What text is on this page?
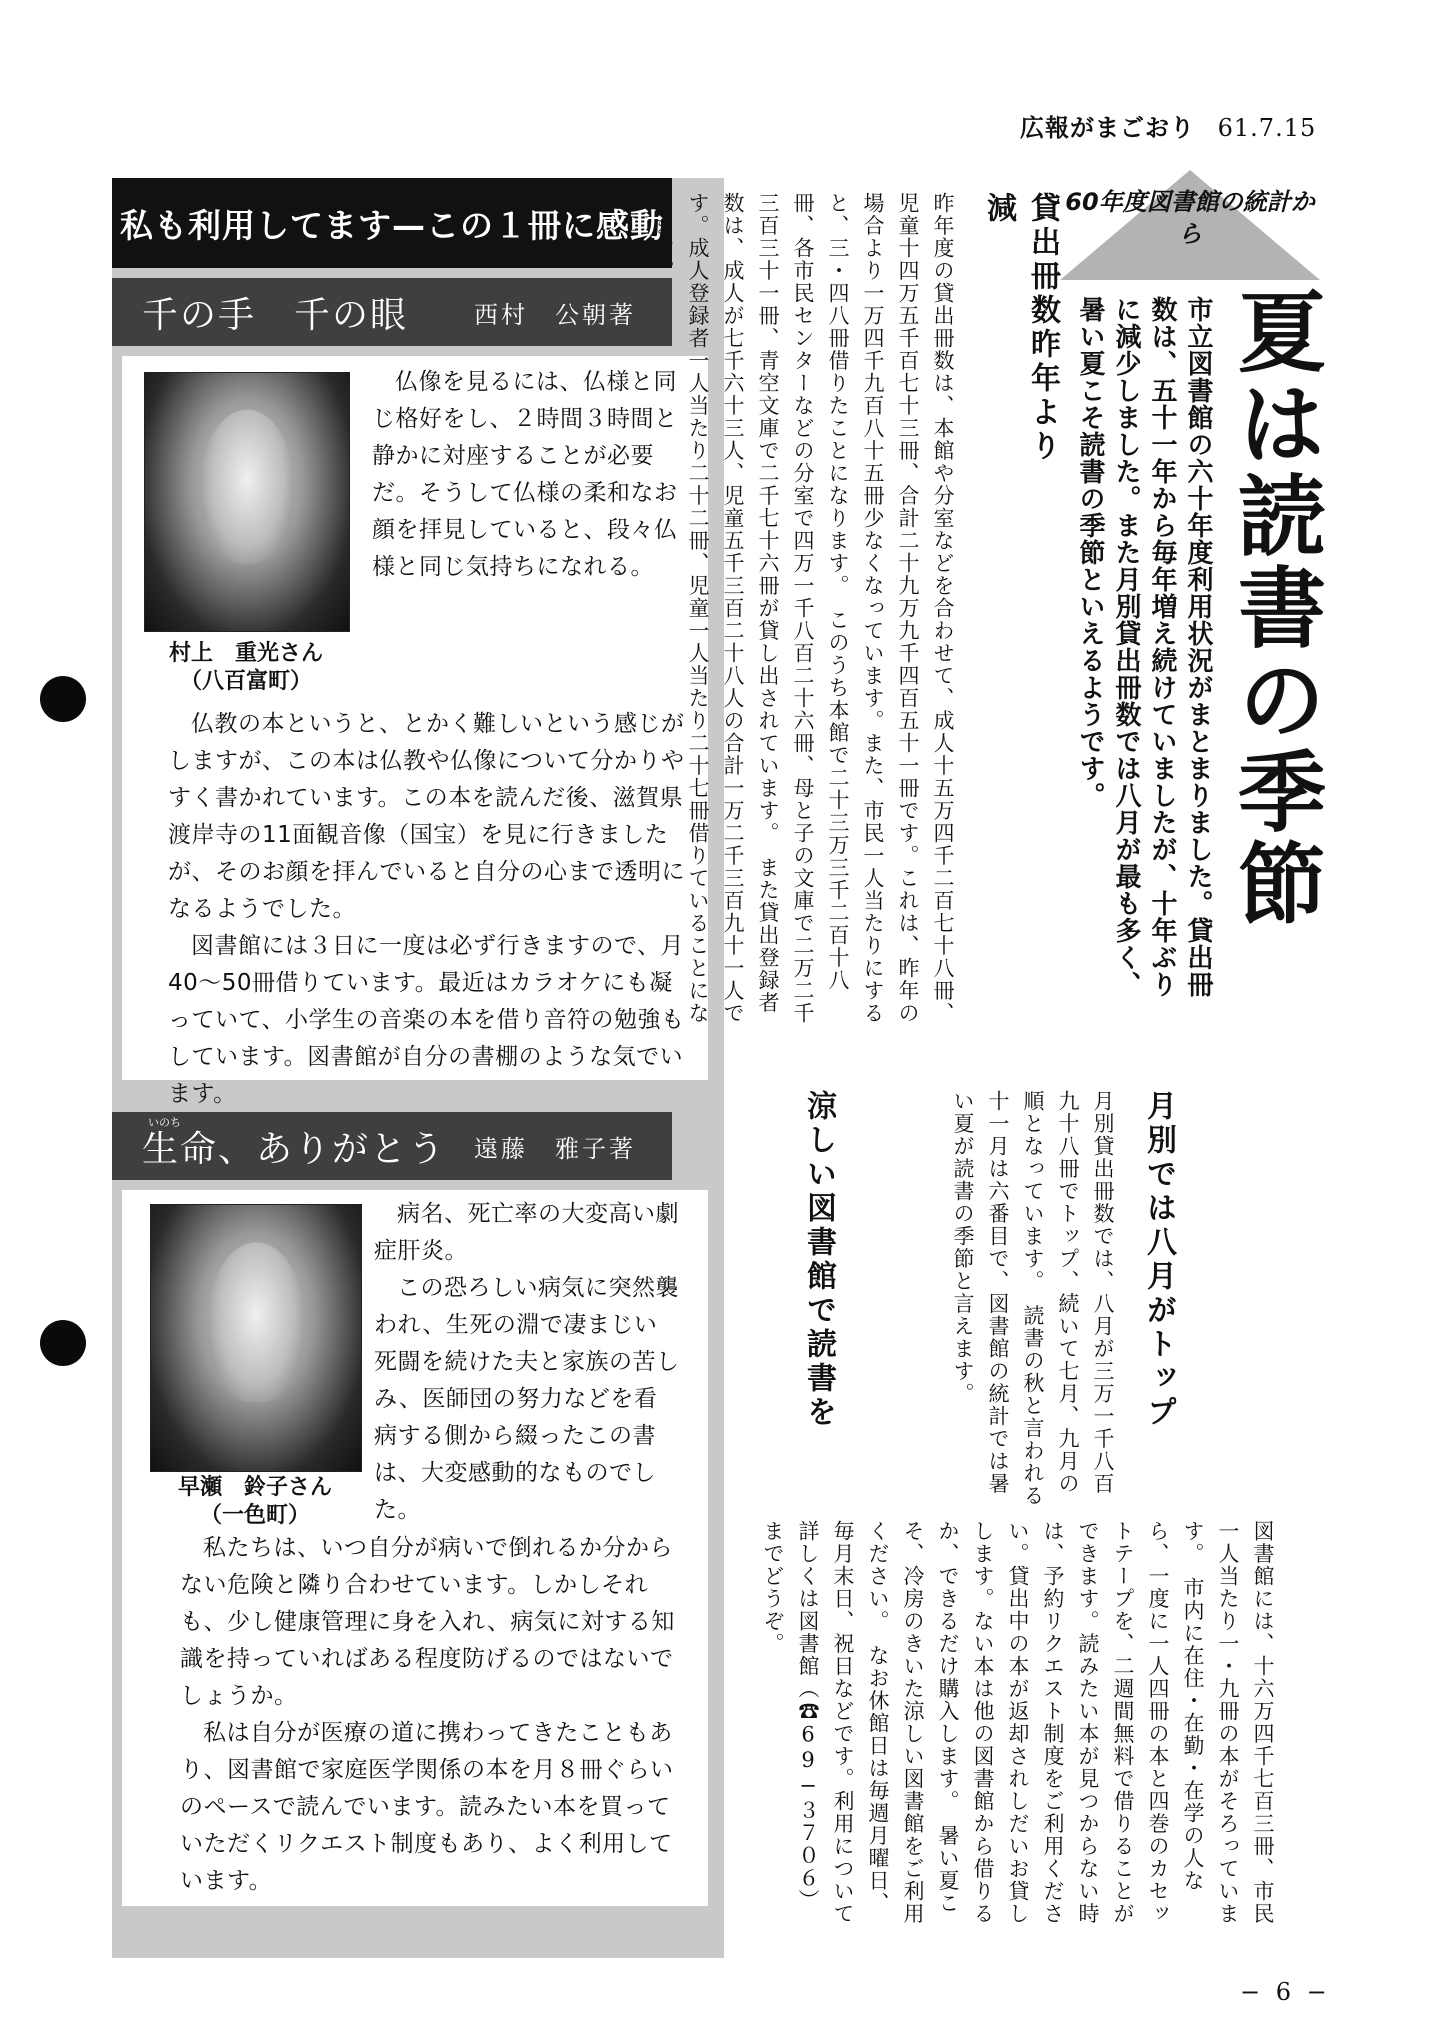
広報がまごおり 61.7.15
私も利用してます—この１冊に感動
千の手　千の眼	西村　公朝著
村上　重光さん
（八百富町）

仏像を見るには、仏様と同じ格好をし、２時間３時間と静かに対座することが必要だ。そうして仏様の柔和なお顔を拝見していると、段々仏様と同じ気持ちになれる。

仏教の本というと、とかく難しいという感じがしますが、この本は仏教や仏像について分かりやすく書かれています。この本を読んだ後、滋賀県渡岸寺の11面観音像（国宝）を見に行きましたが、そのお顔を拝んでいると自分の心まで透明になるようでした。

図書館には３日に一度は必ず行きますので、月40〜50冊借りています。最近はカラオケにも凝っていて、小学生の音楽の本を借り音符の勉強もしています。図書館が自分の書棚のような気でいます。

生命、ありがとう 遠藤　雅子著
いのち
早瀬　鈴子さん
（一色町）

病名、死亡率の大変高い劇症肝炎。

この恐ろしい病気に突然襲われ、生死の淵で凄まじい死闘を続けた夫と家族の苦しみ、医師団の努力などを看病する側から綴ったこの書は、大変感動的なものでした。

私たちは、いつ自分が病いで倒れるか分からない危険と隣り合わせています。しかしそれも、少し健康管理に身を入れ、病気に対する知識を持っていればある程度防げるのではないでしょうか。

私は自分が医療の道に携わってきたこともあり、図書館で家庭医学関係の本を月８冊ぐらいのペースで読んでいます。読みたい本を買っていただくリクエスト制度もあり、よく利用しています。

60年度図書館の統計から
夏は読書の季節
市立図書館の六十年度利用状況がまとまりました。貸出冊数は、五十一年から毎年増え続けていましたが、十年ぶりに減少しました。また月別貸出冊数では八月が最も多く、暑い夏こそ読書の季節といえるようです。
貸出冊数昨年より減
月別では八月がトップ
涼しい図書館で読書を
昨年度の貸出冊数は、本館や分室などを合わせて、成人十五万四千二百七十八冊、児童十四万五千百七十三冊、合計二十九万九千四百五十一冊です。これは、昨年の場合より一万四千九百八十五冊少なくなっています。また、市民一人当たりにすると、三・四八冊借りたことになります。　このうち本館で二十三万三千二百十八冊、各市民センターなどの分室で四万一千八百二十六冊、母と子の文庫で二万二千三百三十一冊、青空文庫で二千七十六冊が貸し出されています。　また貸出登録者数は、成人が七千六十三人、児童五千三百二十八人の合計一万二千三百九十一人です。成人登録者一人当たり二十二冊、児童一人当たり二十七冊借りていることになります。
月別貸出冊数では、八月が三万一千八百九十八冊でトップ、続いて七月、九月の順となっています。　読書の秋と言われる十一月は六番目で、図書館の統計では暑い夏が読書の季節と言えます。
図書館には、十六万四千七百三冊、市民一人当たり一・九冊の本がそろっています。　市内に在住・在勤・在学の人なら、一度に一人四冊の本と四巻のカセットテープを、二週間無料で借りることができます。読みたい本が見つからない時は、予約リクエスト制度をご利用ください。貸出中の本が返却されしだいお貸しします。ない本は他の図書館から借りるか、できるだけ購入します。　暑い夏こそ、冷房のきいた涼しい図書館をご利用ください。　なお休館日は毎週月曜日、毎月末日、祝日などです。利用について詳しくは図書館（☎69−３７０６）までどうぞ。
− 6 −
